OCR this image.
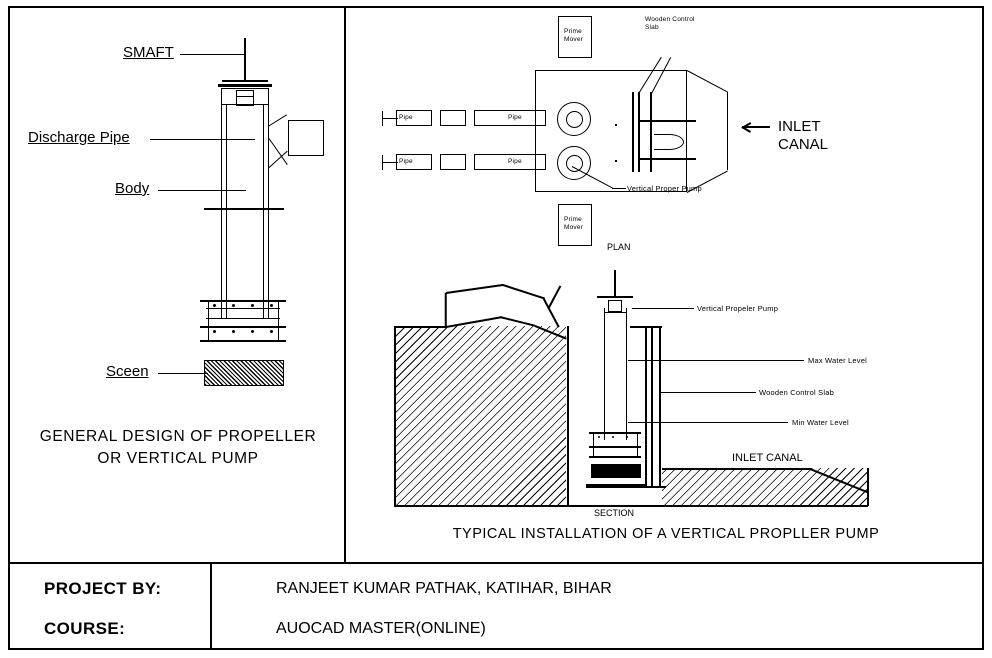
SMAFT
Discharge Pipe
Body
Sceen
GENERAL DESIGN OF PROPELLER
OR VERTICAL PUMP
Prime
Mover
Prime
Mover
Pipe	Pipe
Pipe	Pipe
INLET
CANAL
Wooden Control
Slab
Vertical Proper Pump
PLAN
Vertical Propeler Pump
Max Water Level
Wooden Control Slab
Min Water Level
INLET CANAL
SECTION
TYPICAL INSTALLATION OF A VERTICAL PROPLLER PUMP
PROJECT BY:
COURSE:
RANJEET KUMAR PATHAK, KATIHAR, BIHAR
AUOCAD MASTER(ONLINE)
